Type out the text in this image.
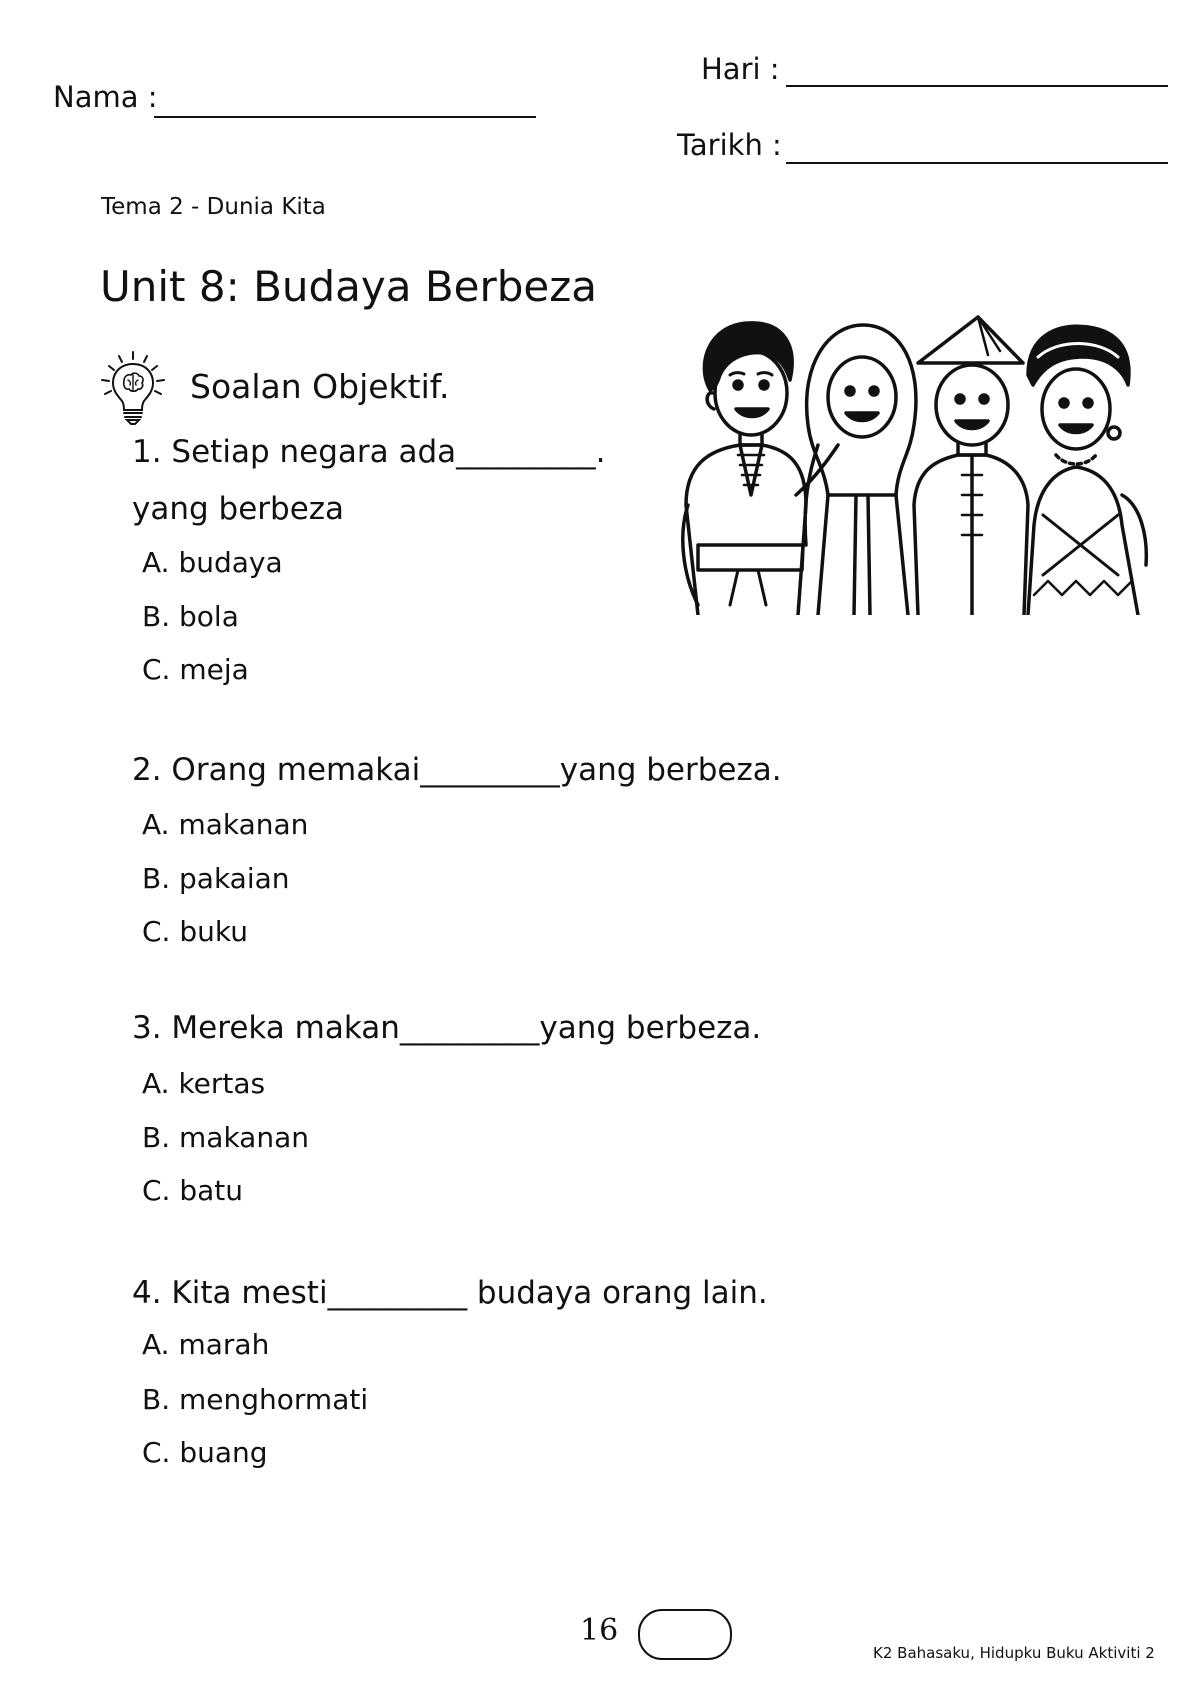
Nama :
Hari :
Tarikh :
Tema 2 - Dunia Kita
Unit 8: Budaya Berbeza
Soalan Objektif.
1. Setiap negara ada_________.
yang berbeza
A. budaya
B. bola
C. meja
2. Orang memakai_________yang berbeza.
A. makanan
B. pakaian
C. buku
3. Mereka makan_________yang berbeza.
A. kertas
B. makanan
C. batu
4. Kita mesti_________ budaya orang lain.
A. marah
B. menghormati
C. buang
16
K2 Bahasaku, Hidupku Buku Aktiviti 2
